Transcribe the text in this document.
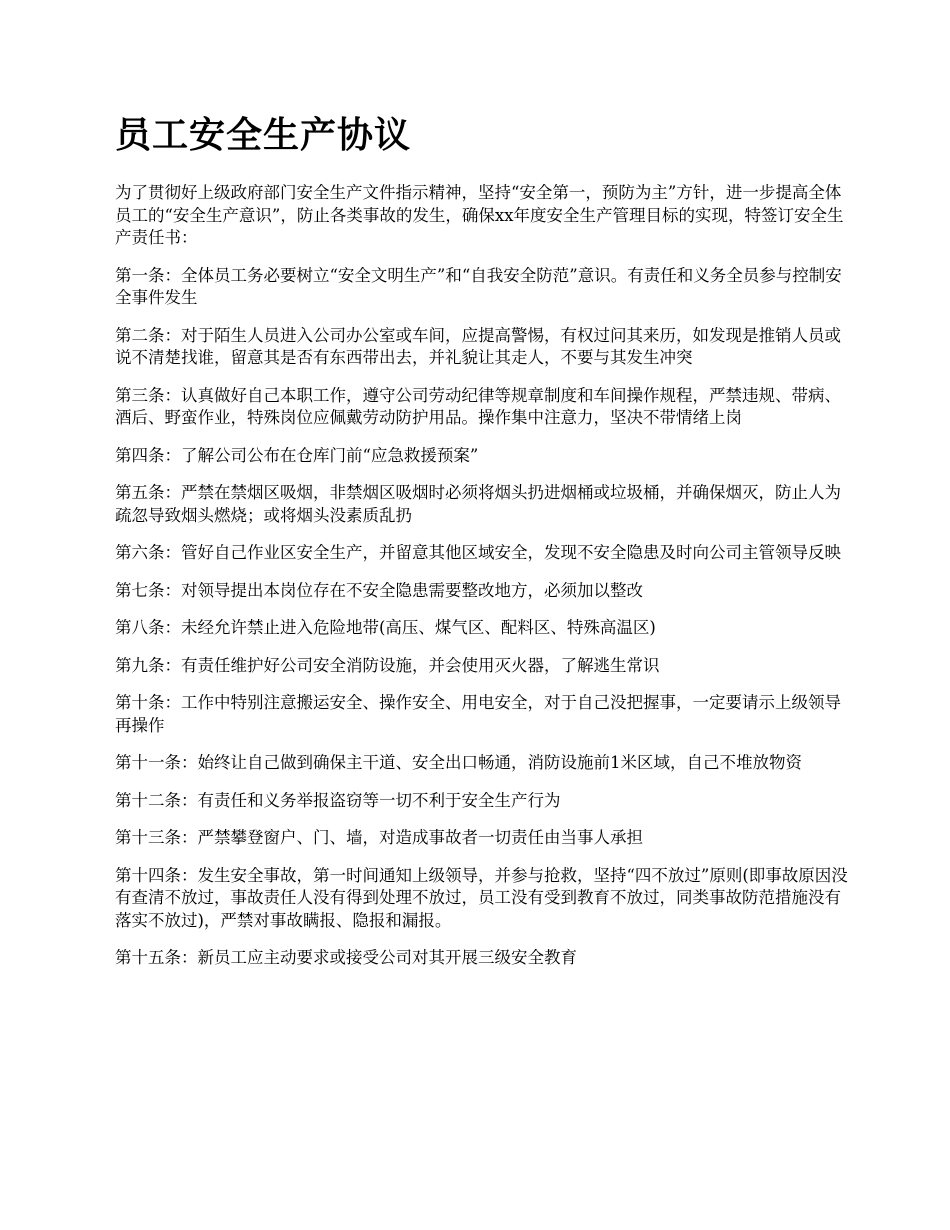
员工安全生产协议

为了贯彻好上级政府部门安全生产文件指示精神，坚持“安全第一，预防为主”方针，进一步提高全体员工的“安全生产意识”，防止各类事故的发生，确保xx年度安全生产管理目标的实现，特签订安全生产责任书：

第一条：全体员工务必要树立“安全文明生产”和“自我安全防范”意识。有责任和义务全员参与控制安全事件发生

第二条：对于陌生人员进入公司办公室或车间，应提高警惕，有权过问其来历，如发现是推销人员或说不清楚找谁，留意其是否有东西带出去，并礼貌让其走人，不要与其发生冲突

第三条：认真做好自己本职工作，遵守公司劳动纪律等规章制度和车间操作规程，严禁违规、带病、酒后、野蛮作业，特殊岗位应佩戴劳动防护用品。操作集中注意力，坚决不带情绪上岗

第四条：了解公司公布在仓库门前“应急救援预案”

第五条：严禁在禁烟区吸烟，非禁烟区吸烟时必须将烟头扔进烟桶或垃圾桶，并确保烟灭，防止人为疏忽导致烟头燃烧；或将烟头没素质乱扔

第六条：管好自己作业区安全生产，并留意其他区域安全，发现不安全隐患及时向公司主管领导反映

第七条：对领导提出本岗位存在不安全隐患需要整改地方，必须加以整改

第八条：未经允许禁止进入危险地带(高压、煤气区、配料区、特殊高温区)

第九条：有责任维护好公司安全消防设施，并会使用灭火器，了解逃生常识

第十条：工作中特别注意搬运安全、操作安全、用电安全，对于自己没把握事，一定要请示上级领导再操作

第十一条：始终让自己做到确保主干道、安全出口畅通，消防设施前1米区域，自己不堆放物资

第十二条：有责任和义务举报盗窃等一切不利于安全生产行为

第十三条：严禁攀登窗户、门、墙，对造成事故者一切责任由当事人承担

第十四条：发生安全事故，第一时间通知上级领导，并参与抢救，坚持“四不放过”原则(即事故原因没有查清不放过，事故责任人没有得到处理不放过，员工没有受到教育不放过，同类事故防范措施没有落实不放过)，严禁对事故瞒报、隐报和漏报。

第十五条：新员工应主动要求或接受公司对其开展三级安全教育
